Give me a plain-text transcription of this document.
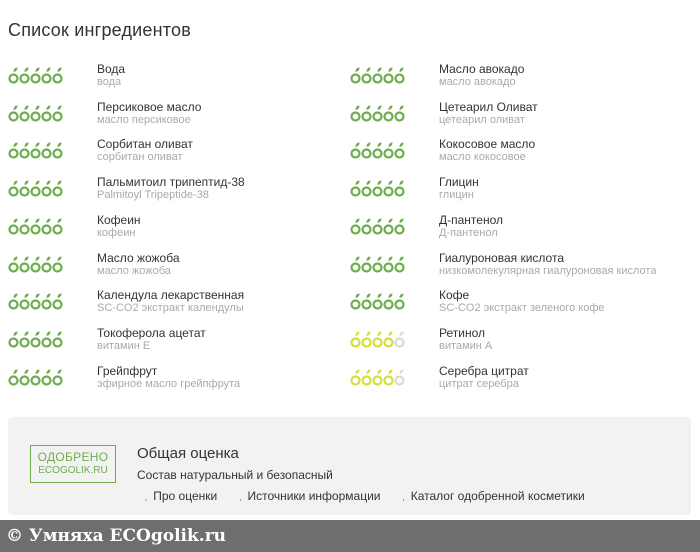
Список ингредиентов
Вода
вода
Персиковое масло
масло персиковое
Сорбитан оливат
сорбитан оливат
Пальмитоил трипептид-38
Palmitoyl Tripeptide-38
Кофеин
кофеин
Масло жожоба
масло жожоба
Календула лекарственная
SC-CO2 экстракт календулы
Токоферола ацетат
витамин Е
Грейпфрут
эфирное масло грейпфрута
Масло авокадо
масло авокадо
Цетеарил Оливат
цетеарил оливат
Кокосовое масло
масло кокосовое
Глицин
глицин
Д-пантенол
Д-пантенол
Гиалуроновая кислота
низкомолекулярная гиалуроновая кислота
Кофе
SC-CO2 экстракт зеленого кофе
Ретинол
витамин А
Серебра цитрат
цитрат серебра
ОДОБРЕНО
ECOGOLIK.RU
Общая оценка
Состав натуральный и безопасный
‚ Про оценки	‚ Источники информации	‚ Каталог одобренной косметики
© Умняха ECOgolik.ru
